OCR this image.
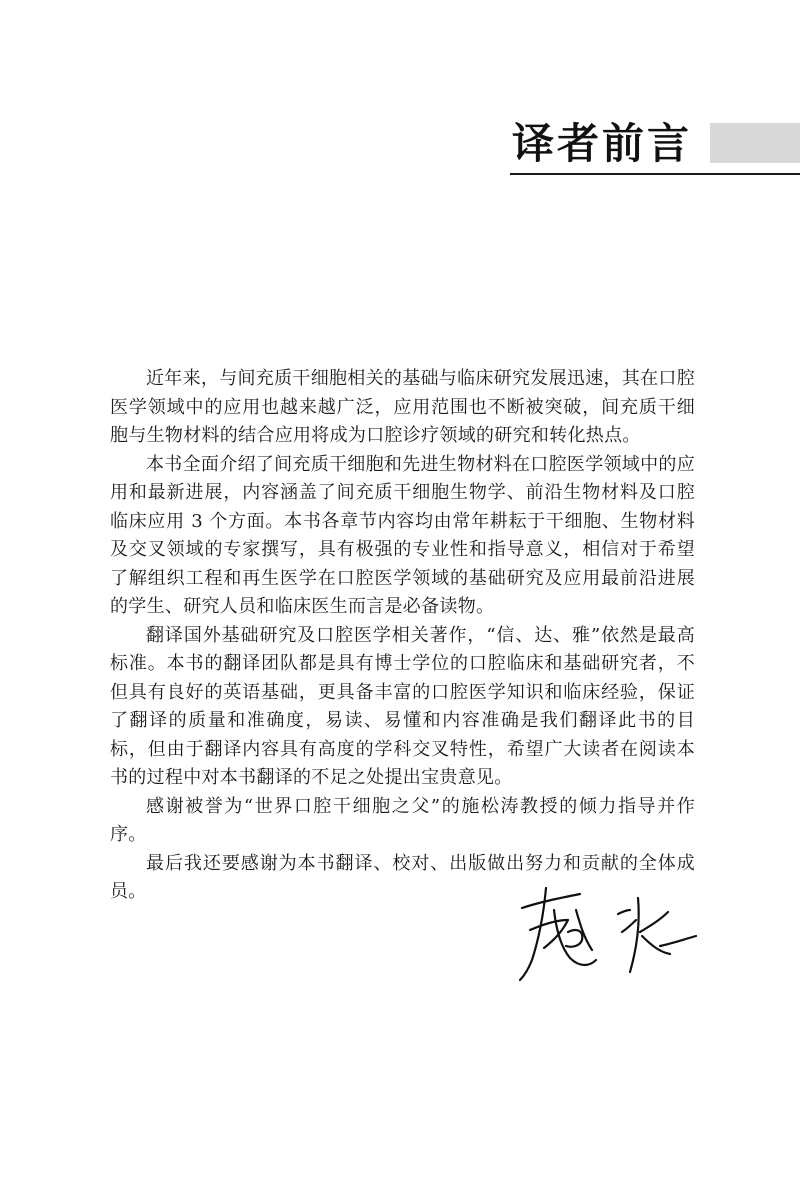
译者前言

近年来，与间充质干细胞相关的基础与临床研究发展迅速，其在口腔医学领域中的应用也越来越广泛，应用范围也不断被突破，间充质干细胞与生物材料的结合应用将成为口腔诊疗领域的研究和转化热点。

本书全面介绍了间充质干细胞和先进生物材料在口腔医学领域中的应用和最新进展，内容涵盖了间充质干细胞生物学、前沿生物材料及口腔临床应用 3 个方面。本书各章节内容均由常年耕耘于干细胞、生物材料及交叉领域的专家撰写，具有极强的专业性和指导意义，相信对于希望了解组织工程和再生医学在口腔医学领域的基础研究及应用最前沿进展的学生、研究人员和临床医生而言是必备读物。

翻译国外基础研究及口腔医学相关著作，“信、达、雅”依然是最高标准。本书的翻译团队都是具有博士学位的口腔临床和基础研究者，不但具有良好的英语基础，更具备丰富的口腔医学知识和临床经验，保证了翻译的质量和准确度，易读、易懂和内容准确是我们翻译此书的目标，但由于翻译内容具有高度的学科交叉特性，希望广大读者在阅读本书的过程中对本书翻译的不足之处提出宝贵意见。

感谢被誉为“世界口腔干细胞之父”的施松涛教授的倾力指导并作序。

最后我还要感谢为本书翻译、校对、出版做出努力和贡献的全体成员。
